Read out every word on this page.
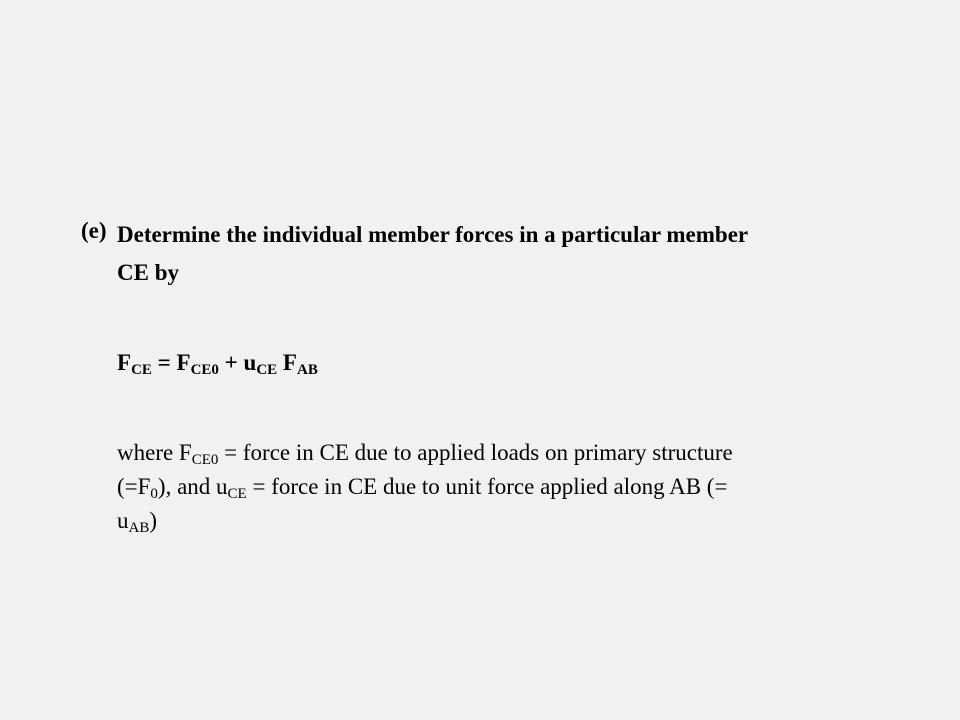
(e) Determine the individual member forces in a particular member
CE by

$F_{CE} = F_{CE0} + u_{CE}$ $F_{AB}$

where $F_{CE0}$ = force in CE due to applied loads on primary structure
$(=F_0)$, and $u_{CE}$ = force in CE due to unit force applied along AB (=
$u_{AB}$)
